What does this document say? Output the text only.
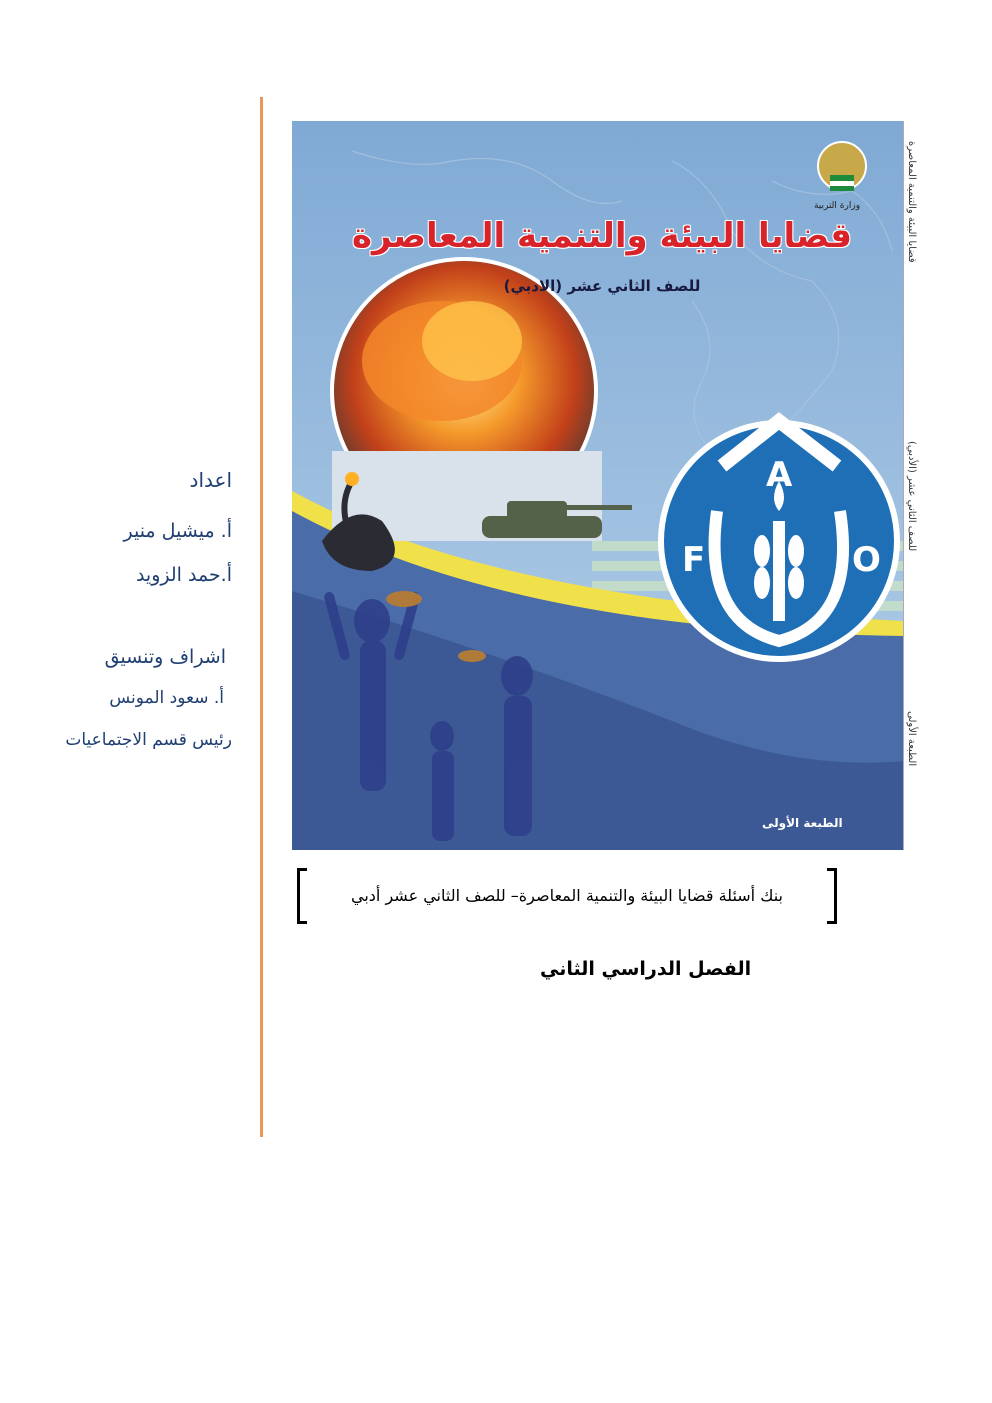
اعداد
أ. ميشيل منير
أ.حمد الزويد
اشراف وتنسيق
أ. سعود المونس
رئيس قسم الاجتماعيات
وزارة التربية
قضايا البيئة والتنمية المعاصرة
للصف الثاني عشر (الادبي)
F
A
O
الطبعة الأولى
قضايا البيئة والتنمية المعاصرة
للصف الثاني عشر (الأدبي)
الطبعة الأولى
بنك أسئلة قضايا البيئة والتنمية المعاصرة– للصف الثاني عشر أدبي
الفصل الدراسي الثاني
